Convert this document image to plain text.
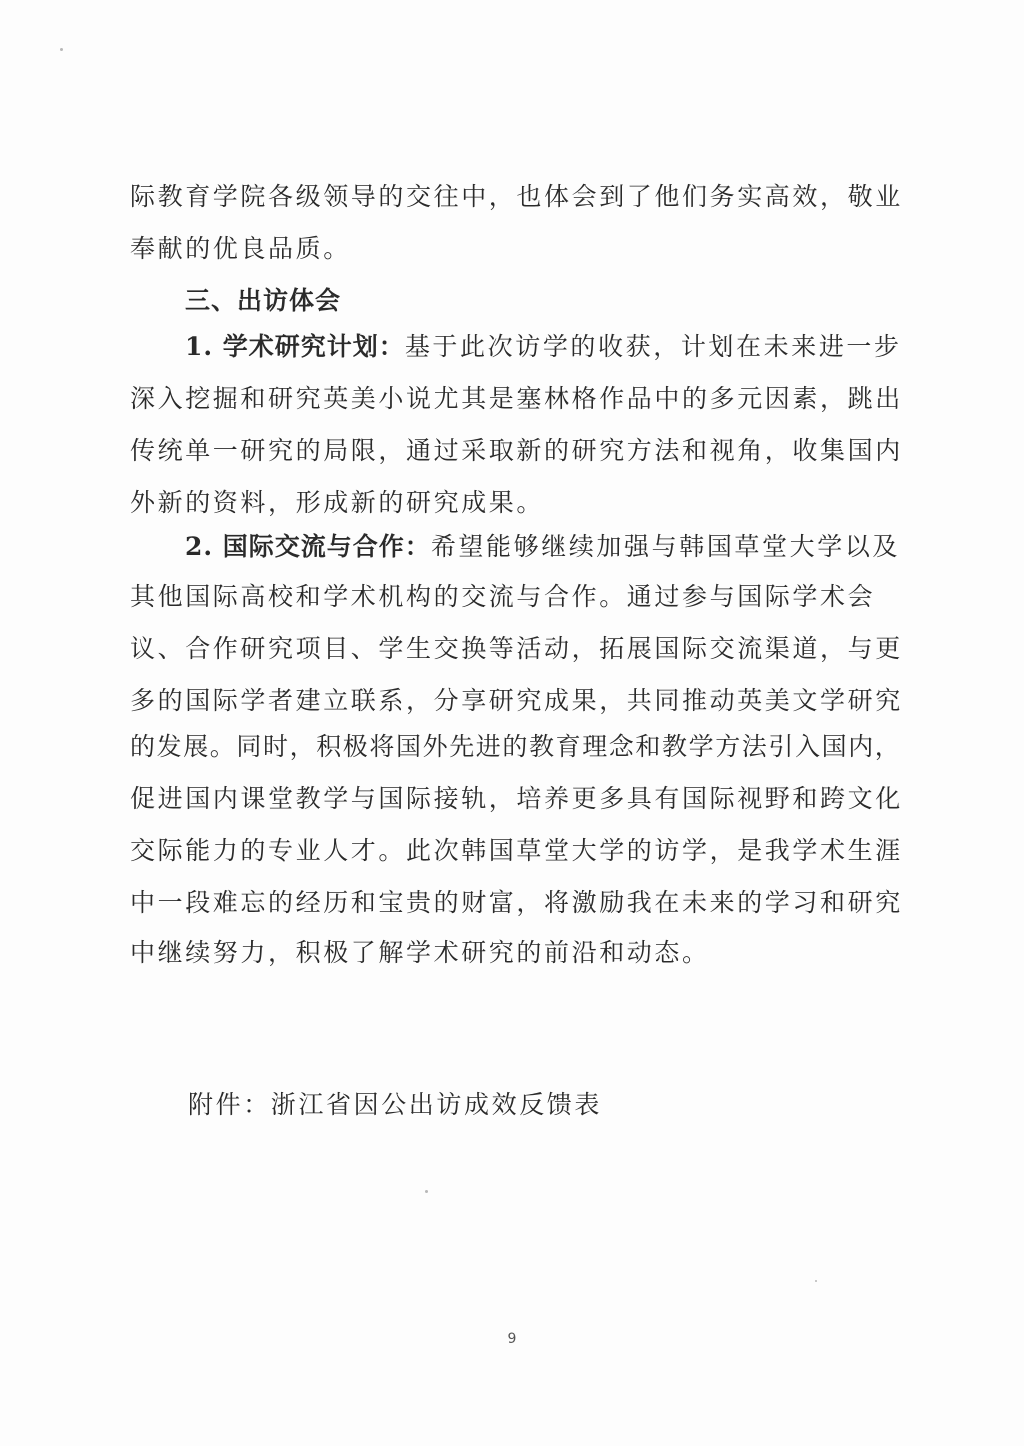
际教育学院各级领导的交往中，也体会到了他们务实高效，敬业
奉献的优良品质。
三、出访体会
1. 学术研究计划：基于此次访学的收获，计划在未来进一步
深入挖掘和研究英美小说尤其是塞林格作品中的多元因素，跳出
传统单一研究的局限，通过采取新的研究方法和视角，收集国内
外新的资料，形成新的研究成果。
2. 国际交流与合作：希望能够继续加强与韩国草堂大学以及
其他国际高校和学术机构的交流与合作。通过参与国际学术会
议、合作研究项目、学生交换等活动，拓展国际交流渠道，与更
多的国际学者建立联系，分享研究成果，共同推动英美文学研究
的发展。同时，积极将国外先进的教育理念和教学方法引入国内，
促进国内课堂教学与国际接轨，培养更多具有国际视野和跨文化
交际能力的专业人才。此次韩国草堂大学的访学，是我学术生涯
中一段难忘的经历和宝贵的财富，将激励我在未来的学习和研究
中继续努力，积极了解学术研究的前沿和动态。
附件：浙江省因公出访成效反馈表
9
